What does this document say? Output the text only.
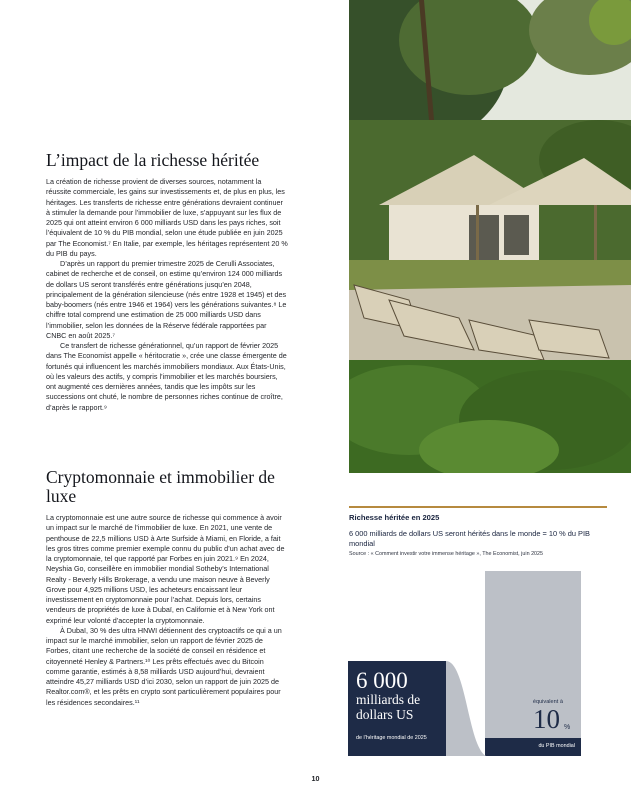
L’impact de la richesse héritée

La création de richesse provient de diverses sources, notamment la réussite commerciale, les gains sur investissements et, de plus en plus, les héritages. Les transferts de richesse entre générations devraient continuer à stimuler la demande pour l’immobilier de luxe, s’appuyant sur les flux de 2025 qui ont atteint environ 6 000 milliards USD dans les pays riches, soit l’équivalent de 10 % du PIB mondial, selon une étude publiée en juin 2025 par The Economist.⁷ En Italie, par exemple, les héritages représentent 20 % du PIB du pays.

D’après un rapport du premier trimestre 2025 de Cerulli Associates, cabinet de recherche et de conseil, on estime qu’environ 124 000 milliards de dollars US seront transférés entre générations jusqu’en 2048, principalement de la génération silencieuse (nés entre 1928 et 1945) et des baby-boomers (nés entre 1946 et 1964) vers les générations suivantes.⁸ Le chiffre total comprend une estimation de 25 000 milliards USD dans l’immobilier, selon les données de la Réserve fédérale rapportées par CNBC en août 2025.⁷

Ce transfert de richesse générationnel, qu’un rapport de février 2025 dans The Economist appelle « héritocratie », crée une classe émergente de fortunés qui influencent les marchés immobiliers mondiaux. Aux États-Unis, où les valeurs des actifs, y compris l’immobilier et les marchés boursiers, ont augmenté ces dernières années, tandis que les impôts sur les successions ont chuté, le nombre de personnes riches continue de croître, d’après le rapport.⁹

Cryptomonnaie et immobilier de luxe

La cryptomonnaie est une autre source de richesse qui commence à avoir un impact sur le marché de l’immobilier de luxe. En 2021, une vente de penthouse de 22,5 millions USD à Arte Surfside à Miami, en Floride, a fait les gros titres comme premier exemple connu du public d’un achat avec de la cryptomonnaie, tel que rapporté par Forbes en juin 2021.⁹ En 2024, Neyshia Go, conseillère en immobilier mondial Sotheby’s International Realty - Beverly Hills Brokerage, a vendu une maison neuve à Beverly Grove pour 4,925 millions USD, les acheteurs encaissant leur investissement en cryptomonnaie pour l’achat. Depuis lors, certains vendeurs de propriétés de luxe à Dubaï, en Californie et à New York ont exprimé leur volonté d’accepter la cryptomonnaie.

À Dubaï, 30 % des ultra HNWI détiennent des cryptoactifs ce qui a un impact sur le marché immobilier, selon un rapport de février 2025 de Forbes, citant une recherche de la société de conseil en résidence et citoyenneté Henley & Partners.¹⁰ Les prêts effectués avec du Bitcoin comme garantie, estimés à 8,58 milliards USD aujourd’hui, devraient atteindre 45,27 milliards USD d’ici 2030, selon un rapport de juin 2025 de Realtor.com®, et les prêts en crypto sont particulièrement populaires pour les résidences secondaires.¹¹

Richesse héritée en 2025
6 000 milliards de dollars US seront hérités dans le monde = 10 % du PIB mondial
Source : « Comment investir votre immense héritage », The Economist, juin 2025
6 000
milliards de dollars US
de l’héritage mondial de 2025
équivalent à
10 %
du PIB mondial
10
